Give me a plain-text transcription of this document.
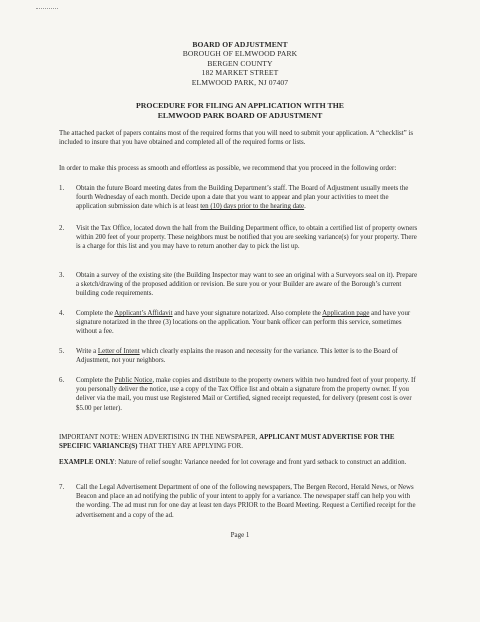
BOARD OF ADJUSTMENT
BOROUGH OF ELMWOOD PARK
BERGEN COUNTY
182 MARKET STREET
ELMWOOD PARK, NJ 07407
PROCEDURE FOR FILING AN APPLICATION WITH THE
ELMWOOD PARK BOARD OF ADJUSTMENT
The attached packet of papers contains most of the required forms that you will need to submit your application. A “checklist” is included to insure that you have obtained and completed all of the required forms or lists.
In order to make this process as smooth and effortless as possible, we recommend that you proceed in the following order:
1. Obtain the future Board meeting dates from the Building Department’s staff. The Board of Adjustment usually meets the fourth Wednesday of each month. Decide upon a date that you want to appear and plan your activities to meet the application submission date which is at least ten (10) days prior to the hearing date.
2. Visit the Tax Office, located down the hall from the Building Department office, to obtain a certified list of property owners within 200 feet of your property. These neighbors must be notified that you are seeking variance(s) for your property. There is a charge for this list and you may have to return another day to pick the list up.
3. Obtain a survey of the existing site (the Building Inspector may want to see an original with a Surveyors seal on it). Prepare a sketch/drawing of the proposed addition or revision. Be sure you or your Builder are aware of the Borough’s current building code requirements.
4. Complete the Applicant’s Affidavit and have your signature notarized. Also complete the Application page and have your signature notarized in the three (3) locations on the application. Your bank officer can perform this service, sometimes without a fee.
5. Write a Letter of Intent which clearly explains the reason and necessity for the variance. This letter is to the Board of Adjustment, not your neighbors.
6. Complete the Public Notice, make copies and distribute to the property owners within two hundred feet of your property. If you personally deliver the notice, use a copy of the Tax Office list and obtain a signature from the property owner. If you deliver via the mail, you must use Registered Mail or Certified, signed receipt requested, for delivery (present cost is over $5.00 per letter).
IMPORTANT NOTE: WHEN ADVERTISING IN THE NEWSPAPER, APPLICANT MUST ADVERTISE FOR THE SPECIFIC VARIANCE(S) THAT THEY ARE APPLYING FOR.
EXAMPLE ONLY: Nature of relief sought: Variance needed for lot coverage and front yard setback to construct an addition.
7. Call the Legal Advertisement Department of one of the following newspapers, The Bergen Record, Herald News, or News Beacon and place an ad notifying the public of your intent to apply for a variance. The newspaper staff can help you with the wording. The ad must run for one day at least ten days PRIOR to the Board Meeting. Request a Certified receipt for the advertisement and a copy of the ad.
Page 1
